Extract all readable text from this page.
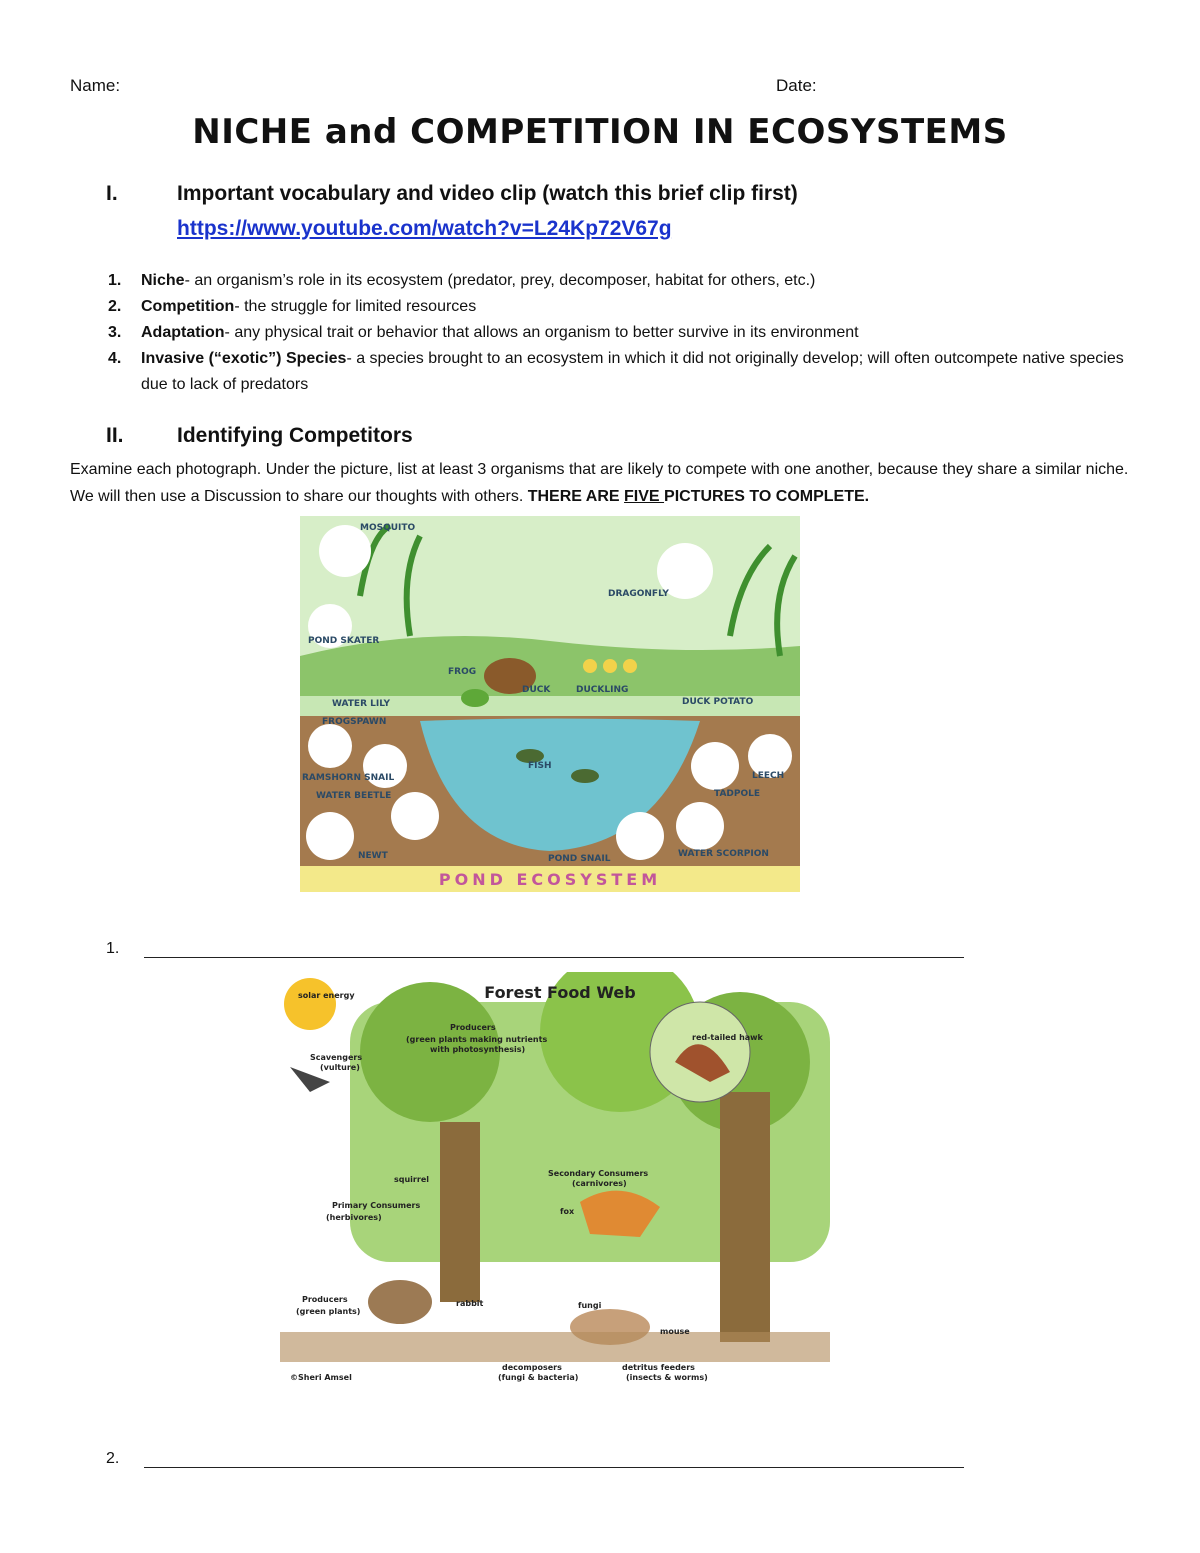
Name:	Date:
NICHE and COMPETITION IN ECOSYSTEMS
I.	Important vocabulary and video clip (watch this brief clip first)
https://www.youtube.com/watch?v=L24Kp72V67g
1. Niche- an organism’s role in its ecosystem (predator, prey, decomposer, habitat for others, etc.)
2. Competition- the struggle for limited resources
3. Adaptation- any physical trait or behavior that allows an organism to better survive in its environment
4. Invasive (“exotic”) Species- a species brought to an ecosystem in which it did not originally develop; will often outcompete native species due to lack of predators
II.	Identifying Competitors
Examine each photograph. Under the picture, list at least 3 organisms that are likely to compete with one another, because they share a similar niche. We will then use a Discussion to share our thoughts with others. THERE ARE FIVE PICTURES TO COMPLETE.
MOSQUITO
DRAGONFLY
POND SKATER
FROG
DUCK	DUCKLING
WATER LILY	DUCK POTATO
FROGSPAWN
RAMSHORN SNAIL
FISH
LEECH
WATER BEETLE	TADPOLE
NEWT	POND SNAIL	WATER SCORPION
POND ECOSYSTEM
1.
Forest Food Web
solar energy
Producers
(green plants making nutrients
with photosynthesis)
red-tailed hawk
Scavengers
(vulture)
squirrel
Secondary Consumers
(carnivores)
Primary Consumers
(herbivores)
fox
Producers
(green plants)
rabbit	fungi
mouse
decomposers
(fungi & bacteria)
detritus feeders
(insects & worms)
©Sheri Amsel
2.
